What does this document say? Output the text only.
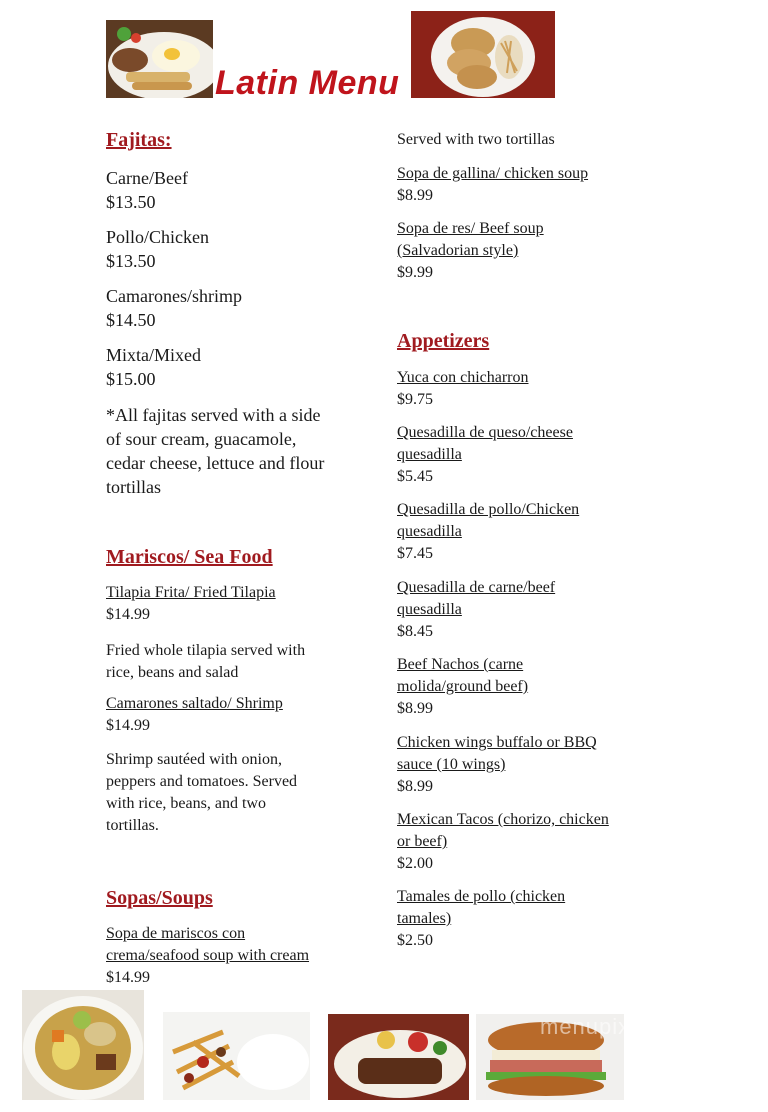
Latin Menu
Fajitas:
Carne/Beef
$13.50
Pollo/Chicken
$13.50
Camarones/shrimp
$14.50
Mixta/Mixed
$15.00
*All fajitas served with a side
of sour cream, guacamole,
cedar cheese, lettuce and flour
tortillas
Mariscos/ Sea Food
Tilapia Frita/ Fried Tilapia
$14.99
Fried whole tilapia served with
rice, beans and salad
Camarones saltado/ Shrimp
$14.99
Shrimp sautéed with onion,
peppers and tomatoes. Served
with rice, beans, and two
tortillas.
Sopas/Soups
Sopa de mariscos con
crema/seafood soup with cream
$14.99
Served with two tortillas
Sopa de gallina/ chicken soup
$8.99
Sopa de res/ Beef soup
(Salvadorian style)
$9.99
Appetizers
Yuca con chicharron
$9.75
Quesadilla de queso/cheese
quesadilla
$5.45
Quesadilla de pollo/Chicken
quesadilla
$7.45
Quesadilla de carne/beef
quesadilla
$8.45
Beef Nachos (carne
molida/ground beef)
$8.99
Chicken wings buffalo or BBQ
sauce (10 wings)
$8.99
Mexican Tacos (chorizo, chicken
or beef)
$2.00
Tamales de pollo (chicken
tamales)
$2.50
menupix
